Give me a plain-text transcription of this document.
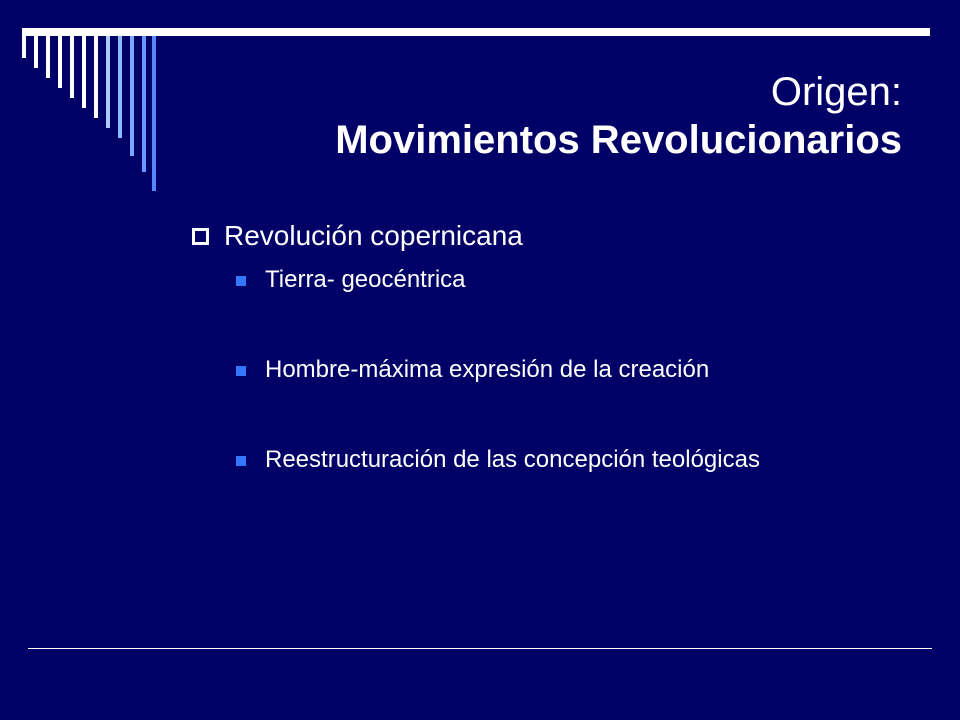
Origen:
Movimientos Revolucionarios
Revolución copernicana
Tierra- geocéntrica
Hombre-máxima expresión de la creación
Reestructuración de las concepción teológicas
